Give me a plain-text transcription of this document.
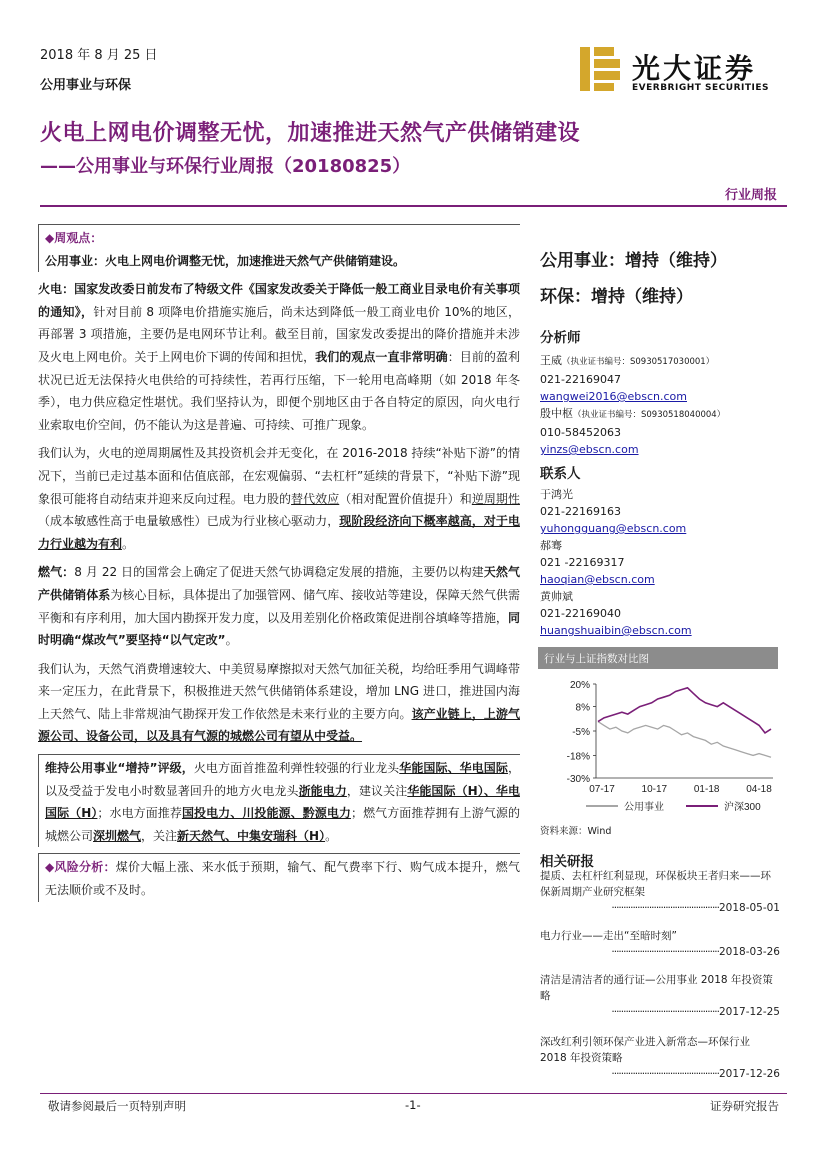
2018 年 8 月 25 日
公用事业与环保
光大证券
EVERBRIGHT SECURITIES
火电上网电价调整无忧，加速推进天然气产供储销建设
——公用事业与环保行业周报（20180825）
行业周报
◆周观点：

公用事业：火电上网电价调整无忧，加速推进天然气产供储销建设。

火电：国家发改委日前发布了特级文件《国家发改委关于降低一般工商业目录电价有关事项的通知》，针对目前 8 项降电价措施实施后，尚未达到降低一般工商业电价 10%的地区，再部署 3 项措施，主要仍是电网环节让利。截至目前，国家发改委提出的降价措施并未涉及火电上网电价。关于上网电价下调的传闻和担忧，我们的观点一直非常明确：目前的盈利状况已近无法保持火电供给的可持续性，若再行压缩，下一轮用电高峰期（如 2018 年冬季），电力供应稳定性堪忧。我们坚持认为，即便个别地区由于各自特定的原因，向火电行业索取电价空间，仍不能认为这是普遍、可持续、可推广现象。

我们认为，火电的逆周期属性及其投资机会并无变化，在 2016-2018 持续“补贴下游”的情况下，当前已走过基本面和估值底部，在宏观偏弱、“去杠杆”延续的背景下，“补贴下游”现象很可能将自动结束并迎来反向过程。电力股的替代效应（相对配置价值提升）和逆周期性（成本敏感性高于电量敏感性）已成为行业核心驱动力，现阶段经济向下概率越高，对于电力行业越为有利。

燃气：8 月 22 日的国常会上确定了促进天然气协调稳定发展的措施，主要仍以构建天然气产供储销体系为核心目标，具体提出了加强管网、储气库、接收站等建设，保障天然气供需平衡和有序利用，加大国内勘探开发力度，以及用差别化价格政策促进削谷填峰等措施，同时明确“煤改气”要坚持“以气定改”。

我们认为，天然气消费增速较大、中美贸易摩擦拟对天然气加征关税，均给旺季用气调峰带来一定压力，在此背景下，积极推进天然气供储销体系建设，增加 LNG 进口，推进国内海上天然气、陆上非常规油气勘探开发工作依然是未来行业的主要方向。该产业链上，上游气源公司、设备公司，以及具有气源的城燃公司有望从中受益。

维持公用事业“增持”评级，火电方面首推盈利弹性较强的行业龙头华能国际、华电国际，以及受益于发电小时数显著回升的地方火电龙头浙能电力，建议关注华能国际（H）、华电国际（H）；水电方面推荐国投电力、川投能源、黔源电力；燃气方面推荐拥有上游气源的城燃公司深圳燃气，关注新天然气、中集安瑞科（H）。

◆风险分析：煤价大幅上涨、来水低于预期，输气、配气费率下行、购气成本提升，燃气无法顺价或不及时。

公用事业：增持（维持）
环保：增持（维持）
分析师
王威（执业证书编号：S0930517030001）
021-22169047
wangwei2016@ebscn.com
殷中枢（执业证书编号：S0930518040004）
010-58452063
yinzs@ebscn.com
联系人
于鸿光
021-22169163
yuhongguang@ebscn.com
郝骞
021 -22169317
haoqian@ebscn.com
黄帅斌
021-22169040
huangshuaibin@ebscn.com
行业与上证指数对比图
20%
8%
-5%
-18%
-30%
07-17	10-17	01-18	04-18
公用事业	沪深300
资料来源：Wind
相关研报
提质、去杠杆红利显现，环保板块王者归来——环保新周期产业研究框架
··············································2018-05-01
电力行业——走出“至暗时刻”
··············································2018-03-26
清洁是清洁者的通行证—公用事业 2018 年投资策略
··············································2017-12-25
深改红利引领环保产业进入新常态—环保行业 2018 年投资策略
··············································2017-12-26
敬请参阅最后一页特别声明	-1-	证券研究报告
